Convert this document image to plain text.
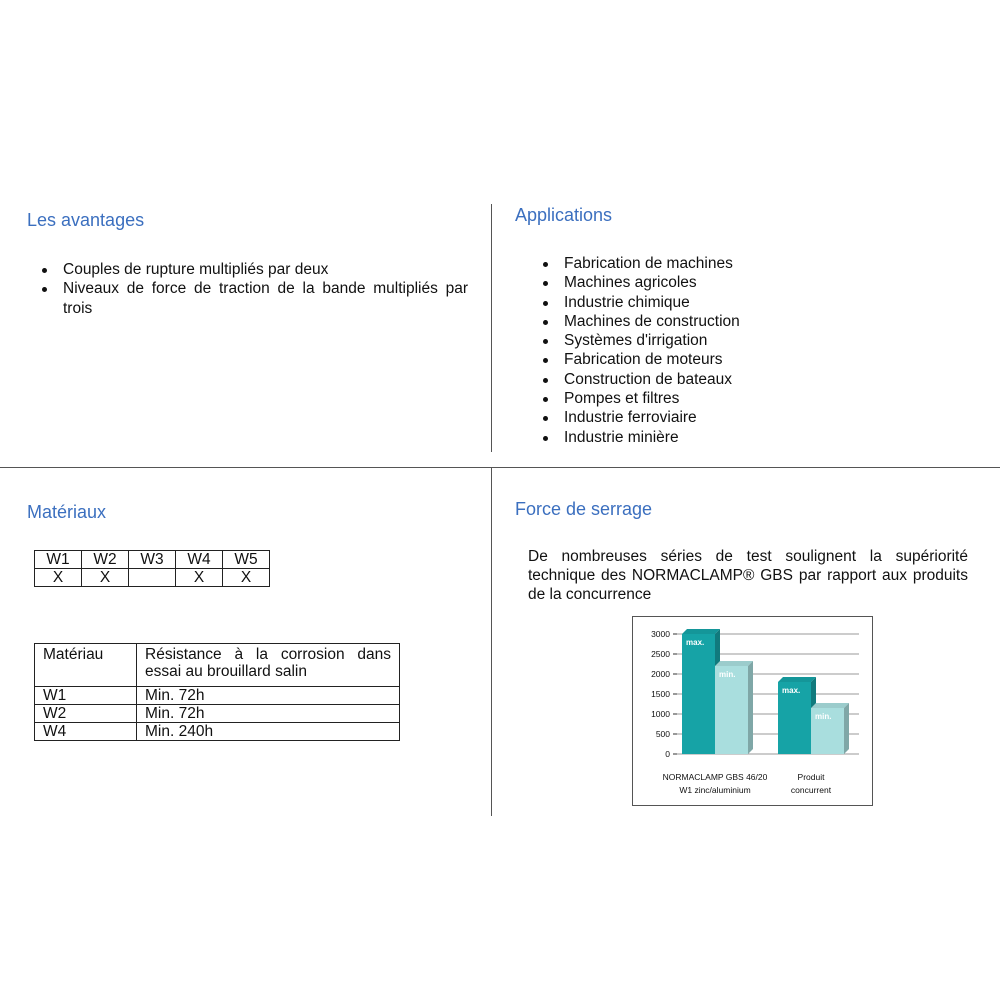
Les avantages
Couples de rupture multipliés par deux
Niveaux de force de traction de la bande multipliés par trois
Applications
Fabrication de machines
Machines agricoles
Industrie chimique
Machines de construction
Systèmes d'irrigation
Fabrication de moteurs
Construction de bateaux
Pompes et filtres
Industrie ferroviaire
Industrie minière
Matériaux
W1	W2	W3	W4	W5
X	X		X	X
Matériau	Résistance à la corrosion dans essai au brouillard salin
W1	Min. 72h
W2	Min. 72h
W4	Min. 240h
Force de serrage

De nombreuses séries de test soulignent la supériorité technique des NORMACLAMP® GBS par rapport aux produits de la concurrence

0
500
1000
1500
2000
2500
3000
max.
min.
NORMACLAMP GBS 46/20
W1 zinc/aluminium
max.
min.
Produit
concurrent
